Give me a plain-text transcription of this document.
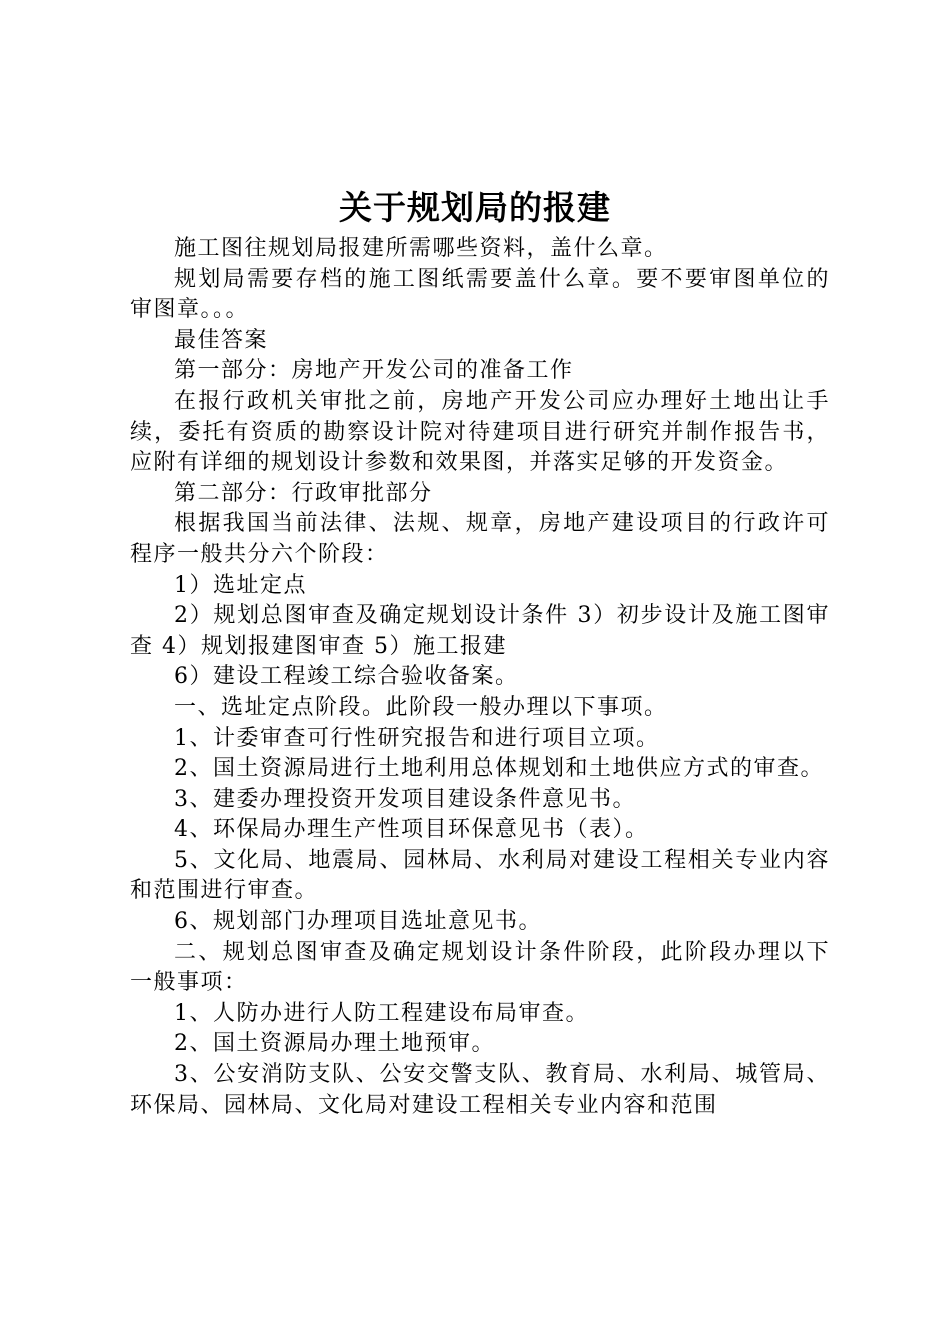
关于规划局的报建

施工图往规划局报建所需哪些资料，盖什么章。

规划局需要存档的施工图纸需要盖什么章。要不要审图单位的审图章。。。

最佳答案

第一部分：房地产开发公司的准备工作

在报行政机关审批之前，房地产开发公司应办理好土地出让手续，委托有资质的勘察设计院对待建项目进行研究并制作报告书，应附有详细的规划设计参数和效果图，并落实足够的开发资金。

第二部分：行政审批部分

根据我国当前法律、法规、规章，房地产建设项目的行政许可程序一般共分六个阶段：

1）选址定点

2）规划总图审查及确定规划设计条件 3）初步设计及施工图审查 4）规划报建图审查 5）施工报建

6）建设工程竣工综合验收备案。

一、选址定点阶段。此阶段一般办理以下事项。

1、计委审查可行性研究报告和进行项目立项。

2、国土资源局进行土地利用总体规划和土地供应方式的审查。

3、建委办理投资开发项目建设条件意见书。

4、环保局办理生产性项目环保意见书（表）。

5、文化局、地震局、园林局、水利局对建设工程相关专业内容和范围进行审查。

6、规划部门办理项目选址意见书。

二、规划总图审查及确定规划设计条件阶段，此阶段办理以下一般事项：

1、人防办进行人防工程建设布局审查。

2、国土资源局办理土地预审。

3、公安消防支队、公安交警支队、教育局、水利局、城管局、环保局、园林局、文化局对建设工程相关专业内容和范围
